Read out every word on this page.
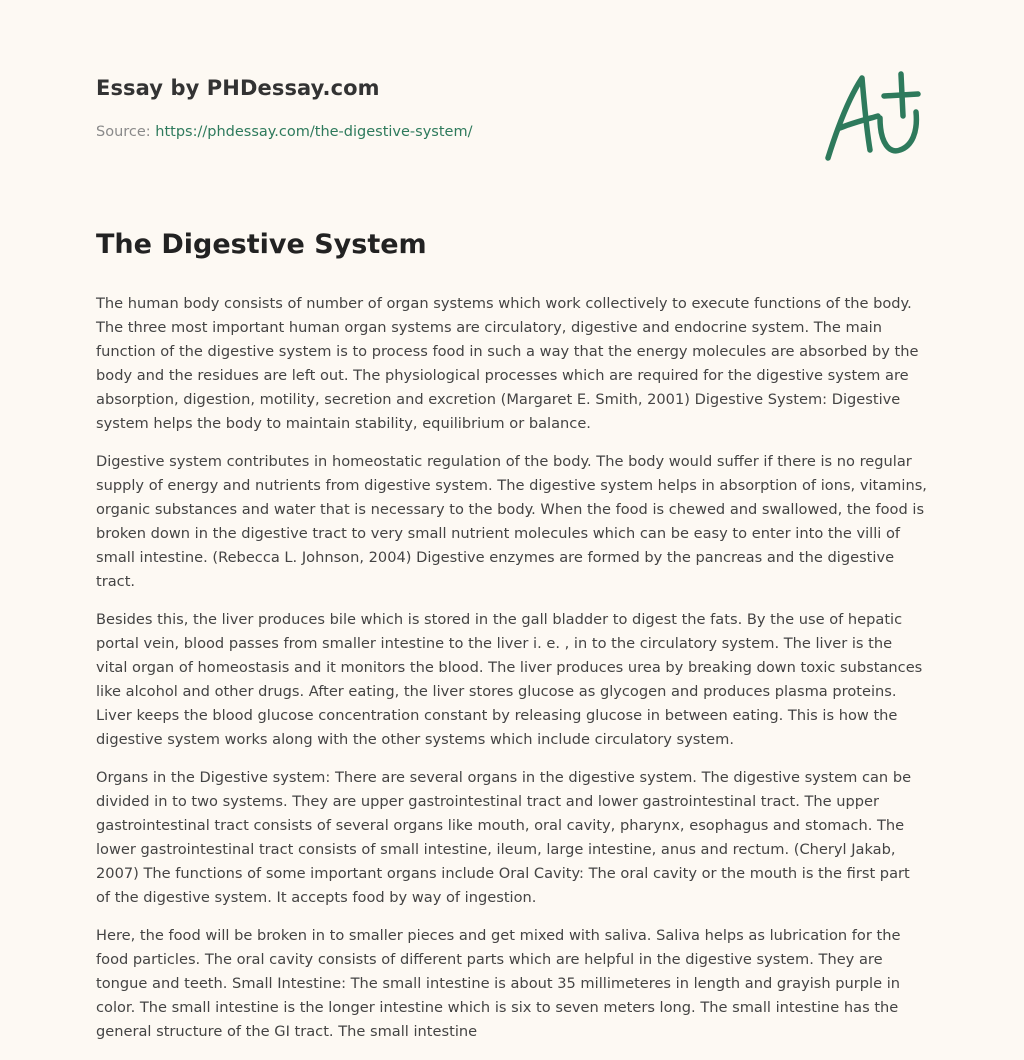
Essay by PHDessay.com
Source: https://phdessay.com/the-digestive-system/
The Digestive System

The human body consists of number of organ systems which work collectively to execute functions of the body. The three most important human organ systems are circulatory, digestive and endocrine system. The main function of the digestive system is to process food in such a way that the energy molecules are absorbed by the body and the residues are left out. The physiological processes which are required for the digestive system are absorption, digestion, motility, secretion and excretion (Margaret E. Smith, 2001) Digestive System: Digestive system helps the body to maintain stability, equilibrium or balance.

Digestive system contributes in homeostatic regulation of the body. The body would suffer if there is no regular supply of energy and nutrients from digestive system. The digestive system helps in absorption of ions, vitamins, organic substances and water that is necessary to the body. When the food is chewed and swallowed, the food is broken down in the digestive tract to very small nutrient molecules which can be easy to enter into the villi of small intestine. (Rebecca L. Johnson, 2004) Digestive enzymes are formed by the pancreas and the digestive tract.

Besides this, the liver produces bile which is stored in the gall bladder to digest the fats. By the use of hepatic portal vein, blood passes from smaller intestine to the liver i. e. , in to the circulatory system. The liver is the vital organ of homeostasis and it monitors the blood. The liver produces urea by breaking down toxic substances like alcohol and other drugs. After eating, the liver stores glucose as glycogen and produces plasma proteins. Liver keeps the blood glucose concentration constant by releasing glucose in between eating. This is how the digestive system works along with the other systems which include circulatory system.

Organs in the Digestive system: There are several organs in the digestive system. The digestive system can be divided in to two systems. They are upper gastrointestinal tract and lower gastrointestinal tract. The upper gastrointestinal tract consists of several organs like mouth, oral cavity, pharynx, esophagus and stomach. The lower gastrointestinal tract consists of small intestine, ileum, large intestine, anus and rectum. (Cheryl Jakab, 2007) The functions of some important organs include Oral Cavity: The oral cavity or the mouth is the first part of the digestive system. It accepts food by way of ingestion.

Here, the food will be broken in to smaller pieces and get mixed with saliva. Saliva helps as lubrication for the food particles. The oral cavity consists of different parts which are helpful in the digestive system. They are tongue and teeth. Small Intestine: The small intestine is about 35 millimeteres in length and grayish purple in color. The small intestine is the longer intestine which is six to seven meters long. The small intestine has the general structure of the GI tract. The small intestine
